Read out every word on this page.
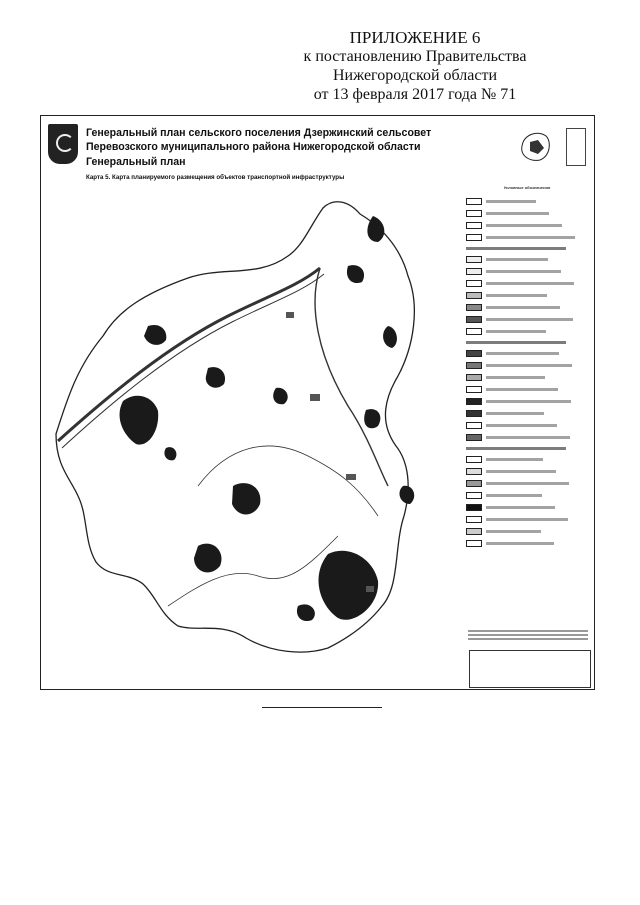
ПРИЛОЖЕНИЕ 6
к постановлению Правительства
Нижегородской области
от 13 февраля 2017 года № 71
Генеральный план сельского поселения Дзержинский сельсовет
Перевозского муниципального района Нижегородской области
Генеральный план
Карта 5. Карта планируемого размещения объектов транспортной инфраструктуры
Условные обозначения
